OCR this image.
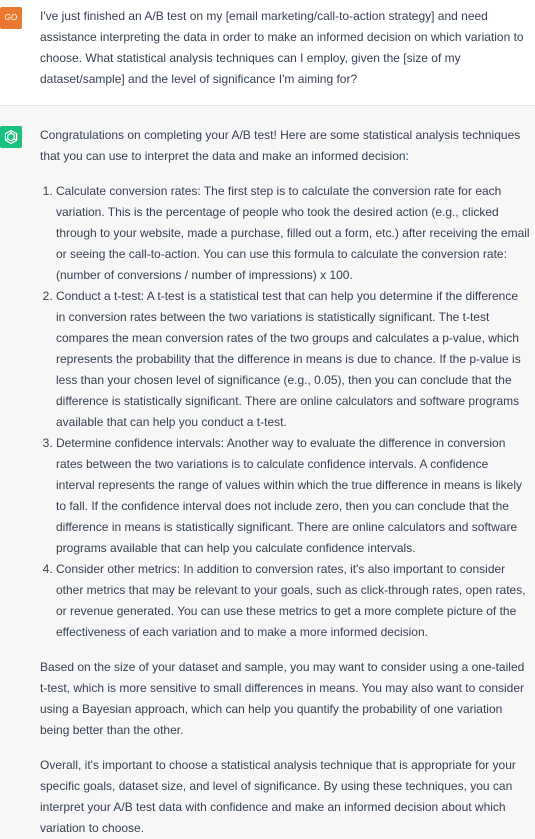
GO	I've just finished an A/B test on my [email marketing/call-to-action strategy] and need assistance interpreting the data in order to make an informed decision on which variation to choose. What statistical analysis techniques can I employ, given the [size of my dataset/sample] and the level of significance I'm aiming for?

Congratulations on completing your A/B test! Here are some statistical analysis techniques that you can use to interpret the data and make an informed decision:

1. Calculate conversion rates: The first step is to calculate the conversion rate for each variation. This is the percentage of people who took the desired action (e.g., clicked through to your website, made a purchase, filled out a form, etc.) after receiving the email or seeing the call-to-action. You can use this formula to calculate the conversion rate: (number of conversions / number of impressions) x 100.
2. Conduct a t-test: A t-test is a statistical test that can help you determine if the difference in conversion rates between the two variations is statistically significant. The t-test compares the mean conversion rates of the two groups and calculates a p-value, which represents the probability that the difference in means is due to chance. If the p-value is less than your chosen level of significance (e.g., 0.05), then you can conclude that the difference is statistically significant. There are online calculators and software programs available that can help you conduct a t-test.
3. Determine confidence intervals: Another way to evaluate the difference in conversion rates between the two variations is to calculate confidence intervals. A confidence interval represents the range of values within which the true difference in means is likely to fall. If the confidence interval does not include zero, then you can conclude that the difference in means is statistically significant. There are online calculators and software programs available that can help you calculate confidence intervals.
4. Consider other metrics: In addition to conversion rates, it's also important to consider other metrics that may be relevant to your goals, such as click-through rates, open rates, or revenue generated. You can use these metrics to get a more complete picture of the effectiveness of each variation and to make a more informed decision.

Based on the size of your dataset and sample, you may want to consider using a one-tailed t-test, which is more sensitive to small differences in means. You may also want to consider using a Bayesian approach, which can help you quantify the probability of one variation being better than the other.

Overall, it's important to choose a statistical analysis technique that is appropriate for your specific goals, dataset size, and level of significance. By using these techniques, you can interpret your A/B test data with confidence and make an informed decision about which variation to choose.
